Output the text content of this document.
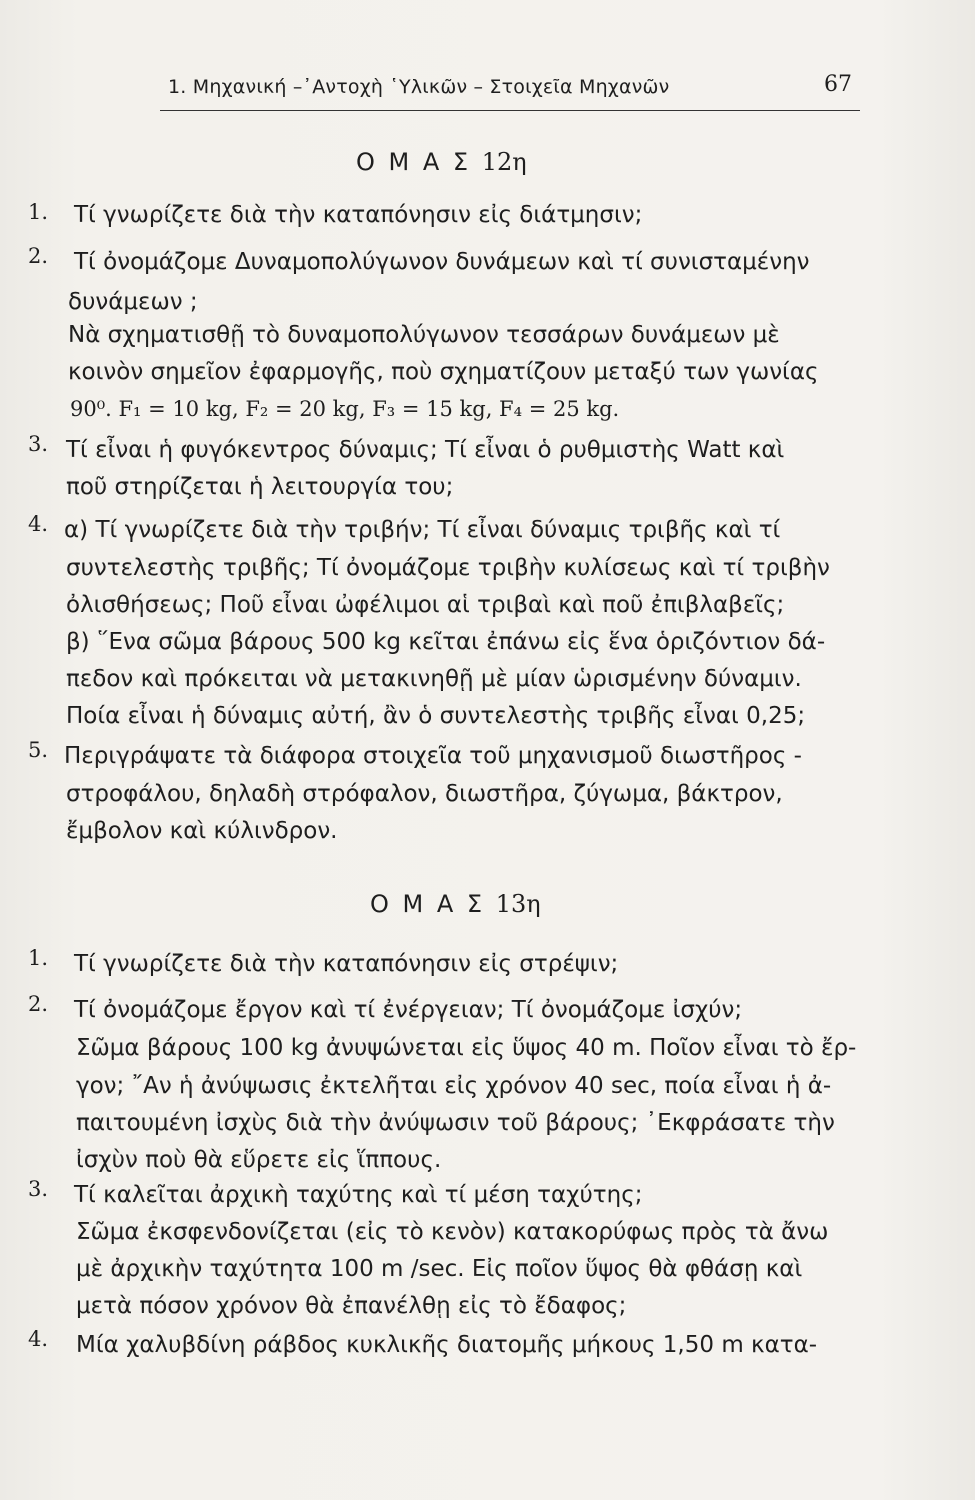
1. Μηχανική –᾿Αντοχὴ ῾Υλικῶν – Στοιχεῖα Μηχανῶν	67
Ο Μ Α Σ 12η
1. Τί γνωρίζετε διὰ τὴν καταπόνησιν εἰς διάτμησιν;
2. Τί ὀνομάζομε Δυναμοπολύγωνον δυνάμεων καὶ τί συνισταμένην
δυνάμεων ;
Νὰ σχηματισθῇ τὸ δυναμοπολύγωνον τεσσάρων δυνάμεων μὲ
κοινὸν σημεῖον ἐφαρμογῆς, ποὺ σχηματίζουν μεταξύ των γωνίας
90⁰. F₁ = 10 kg, F₂ = 20 kg, F₃ = 15 kg, F₄ = 25 kg.
3. Τί εἶναι ἡ φυγόκεντρος δύναμις; Τί εἶναι ὁ ρυθμιστὴς Watt καὶ
ποῦ στηρίζεται ἡ λειτουργία του;
4. α) Τί γνωρίζετε διὰ τὴν τριβήν; Τί εἶναι δύναμις τριβῆς καὶ τί
συντελεστὴς τριβῆς; Τί ὀνομάζομε τριβὴν κυλίσεως καὶ τί τριβὴν
ὀλισθήσεως; Ποῦ εἶναι ὠφέλιμοι αἱ τριβαὶ καὶ ποῦ ἐπιβλαβεῖς;
β) ῞Ενα σῶμα βάρους 500 kg κεῖται ἐπάνω εἰς ἕνα ὁριζόντιον δά-
πεδον καὶ πρόκειται νὰ μετακινηθῇ μὲ μίαν ὡρισμένην δύναμιν.
Ποία εἶναι ἡ δύναμις αὐτή, ἂν ὁ συντελεστὴς τριβῆς εἶναι 0,25;
5. Περιγράψατε τὰ διάφορα στοιχεῖα τοῦ μηχανισμοῦ διωστῆρος -
στροφάλου, δηλαδὴ στρόφαλον, διωστῆρα, ζύγωμα, βάκτρον,
ἔμβολον καὶ κύλινδρον.
Ο Μ Α Σ 13η
1. Τί γνωρίζετε διὰ τὴν καταπόνησιν εἰς στρέψιν;
2. Τί ὀνομάζομε ἔργον καὶ τί ἐνέργειαν; Τί ὀνομάζομε ἰσχύν;
Σῶμα βάρους 100 kg ἀνυψώνεται εἰς ὕψος 40 m. Ποῖον εἶναι τὸ ἔρ-
γον; ῎Αν ἡ ἀνύψωσις ἐκτελῆται εἰς χρόνον 40 sec, ποία εἶναι ἡ ἀ-
παιτουμένη ἰσχὺς διὰ τὴν ἀνύψωσιν τοῦ βάρους; ᾿Εκφράσατε τὴν
ἰσχὺν ποὺ θὰ εὕρετε εἰς ἵππους.
3. Τί καλεῖται ἀρχικὴ ταχύτης καὶ τί μέση ταχύτης;
Σῶμα ἐκσφενδονίζεται (εἰς τὸ κενὸν) κατακορύφως πρὸς τὰ ἄνω
μὲ ἀρχικὴν ταχύτητα 100 m /sec. Εἰς ποῖον ὕψος θὰ φθάσῃ καὶ
μετὰ πόσον χρόνον θὰ ἐπανέλθῃ εἰς τὸ ἔδαφος;
4. Μία χαλυβδίνη ράβδος κυκλικῆς διατομῆς μήκους 1,50 m κατα-
